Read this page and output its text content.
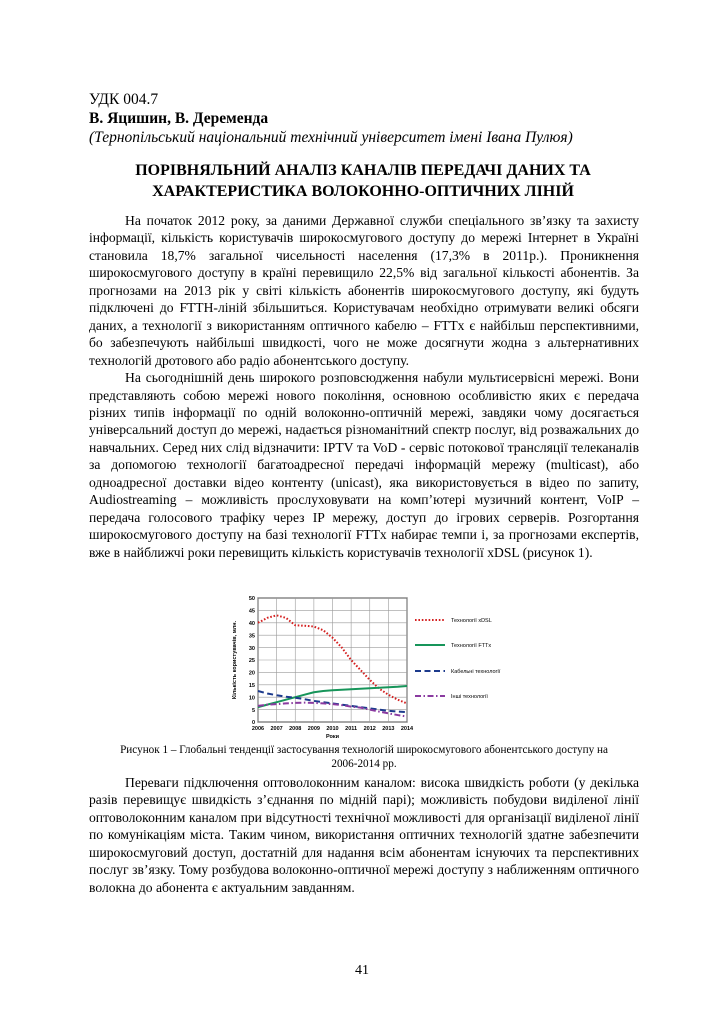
УДК 004.7
В. Яцишин, В. Деременда
(Тернопільський національний технічний університет імені Івана Пулюя)
ПОРІВНЯЛЬНИЙ АНАЛІЗ КАНАЛІВ ПЕРЕДАЧІ ДАНИХ ТА
ХАРАКТЕРИСТИКА ВОЛОКОННО-ОПТИЧНИХ ЛІНІЙ

На початок 2012 року, за даними Державної служби спеціального зв’язку та захисту інформації, кількість користувачів широкосмугового доступу до мережі Інтернет в Україні становила 18,7% загальної чисельності населення (17,3% в 2011р.). Проникнення широкосмугового доступу в країні перевищило 22,5% від загальної кількості абонентів. За прогнозами на 2013 рік у світі кількість абонентів широкосмугового доступу, які будуть підключені до FTTH-ліній збільшиться. Користувачам необхідно отримувати великі обсяги даних, а технології з використанням оптичного кабелю – FTTx є найбільш перспективними, бо забезпечують найбільші швидкості, чого не може досягнути жодна з альтернативних технологій дротового або радіо абонентського доступу.

На сьогоднішній день широкого розповсюдження набули мультисервісні мережі. Вони представляють собою мережі нового покоління, основною особливістю яких є передача різних типів інформації по одній волоконно-оптичній мережі, завдяки чому досягається універсальний доступ до мережі, надається різноманітний спектр послуг, від розважальних до навчальних. Серед них слід відзначити: IPTV та VoD - сервіс потокової трансляції телеканалів за допомогою технології багатоадресної передачі інформацій мережу (multicast), або одноадресної доставки відео контенту (unicast), яка використовується в відео по запиту, Audiostreaming – можливість прослуховувати на комп’ютері музичний контент, VoIP – передача голосового трафіку через IP мережу, доступ до ігрових серверів. Розгортання широкосмугового доступу на базі технології FTTx набирає темпи і, за прогнозами експертів, вже в найближчі роки перевищить кількість користувачів технології xDSL (рисунок 1).

0
5
10
15
20
25
30
35
40
45
50
2006 2007 2008 2009 2010 2011 2012 2013 2014
Роки
Кількість користувачів, млн.	Технології xDSL
Технології FTTx
Кабельні технології
Інші технології
Рисунок 1 – Глобальні тенденції застосування технологій широкосмугового абонентського доступу на
2006-2014 рр.

Переваги підключення оптоволоконним каналом: висока швидкість роботи (у декілька разів перевищує швидкість з’єднання по мідній парі); можливість побудови виділеної лінії оптоволоконним каналом при відсутності технічної можливості для організації виділеної лінії по комунікаціям міста. Таким чином, використання оптичних технологій здатне забезпечити широкосмуговий доступ, достатній для надання всім абонентам існуючих та перспективних послуг зв’язку. Тому розбудова волоконно-оптичної мережі доступу з наближенням оптичного волокна до абонента є актуальним завданням.

41
